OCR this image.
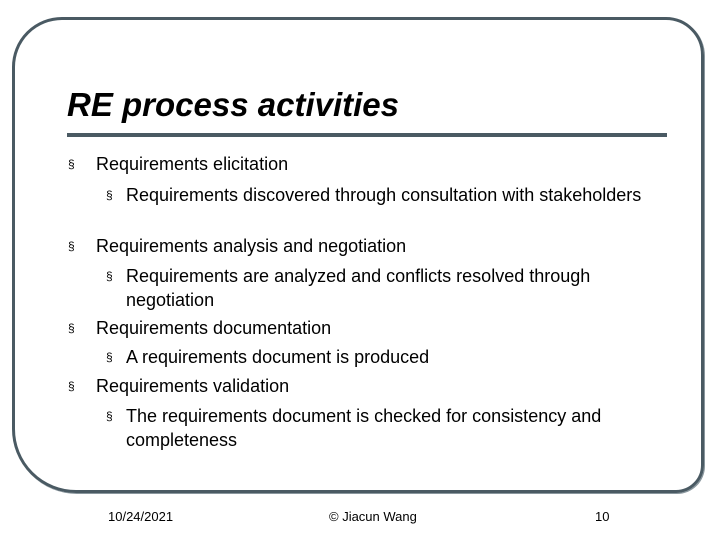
RE process activities
§ Requirements elicitation
§ Requirements discovered through consultation with stakeholders
§ Requirements analysis and negotiation
§ Requirements are analyzed and conflicts resolved through negotiation
§ Requirements documentation
§ A requirements document is produced
§ Requirements validation
§ The requirements document is checked for consistency and completeness
10/24/2021	© Jiacun Wang	10
